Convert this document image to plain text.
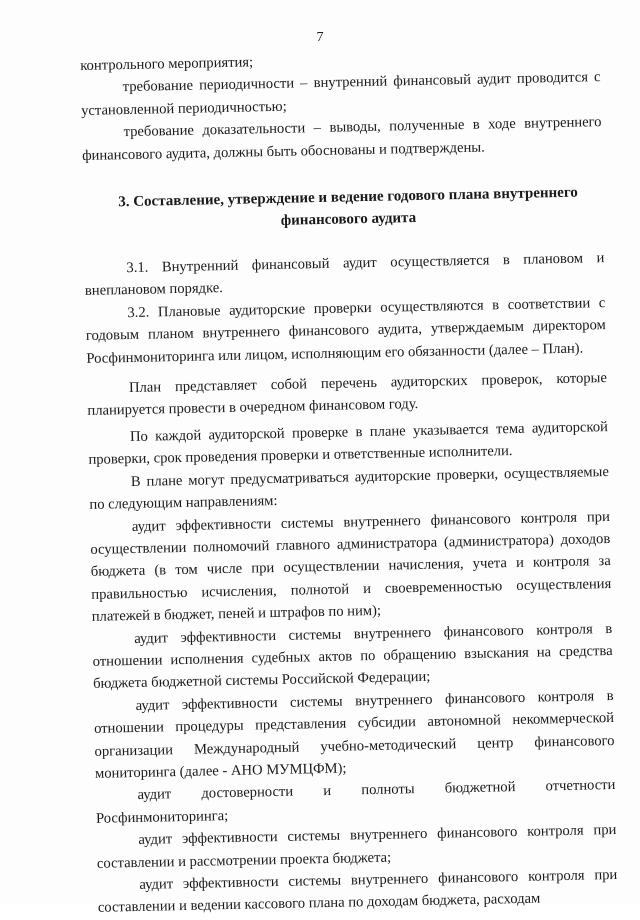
7

контрольного мероприятия;

требование периодичности – внутренний финансовый аудит проводится с установленной периодичностью;

требование доказательности – выводы, полученные в ходе внутреннего финансового аудита, должны быть обоснованы и подтверждены.

3. Составление, утверждение и ведение годового плана внутреннего финансового аудита

3.1. Внутренний финансовый аудит осуществляется в плановом и внеплановом порядке.

3.2. Плановые аудиторские проверки осуществляются в соответствии с годовым планом внутреннего финансового аудита, утверждаемым директором Росфинмониторинга или лицом, исполняющим его обязанности (далее – План).

План представляет собой перечень аудиторских проверок, которые планируется провести в очередном финансовом году.

По каждой аудиторской проверке в плане указывается тема аудиторской проверки, срок проведения проверки и ответственные исполнители.

В плане могут предусматриваться аудиторские проверки, осуществляемые по следующим направлениям:

аудит эффективности системы внутреннего финансового контроля при осуществлении полномочий главного администратора (администратора) доходов бюджета (в том числе при осуществлении начисления, учета и контроля за правильностью исчисления, полнотой и своевременностью осуществления платежей в бюджет, пеней и штрафов по ним);

аудит эффективности системы внутреннего финансового контроля в отношении исполнения судебных актов по обращению взыскания на средства бюджета бюджетной системы Российской Федерации;

аудит эффективности системы внутреннего финансового контроля в отношении процедуры представления субсидии автономной некоммерческой организации Международный учебно-методический центр финансового мониторинга (далее - АНО МУМЦФМ);

аудит достоверности и полноты бюджетной отчетности Росфинмониторинга;

аудит эффективности системы внутреннего финансового контроля при составлении и рассмотрении проекта бюджета;

аудит эффективности системы внутреннего финансового контроля при составлении и ведении кассового плана по доходам бюджета, расходам
